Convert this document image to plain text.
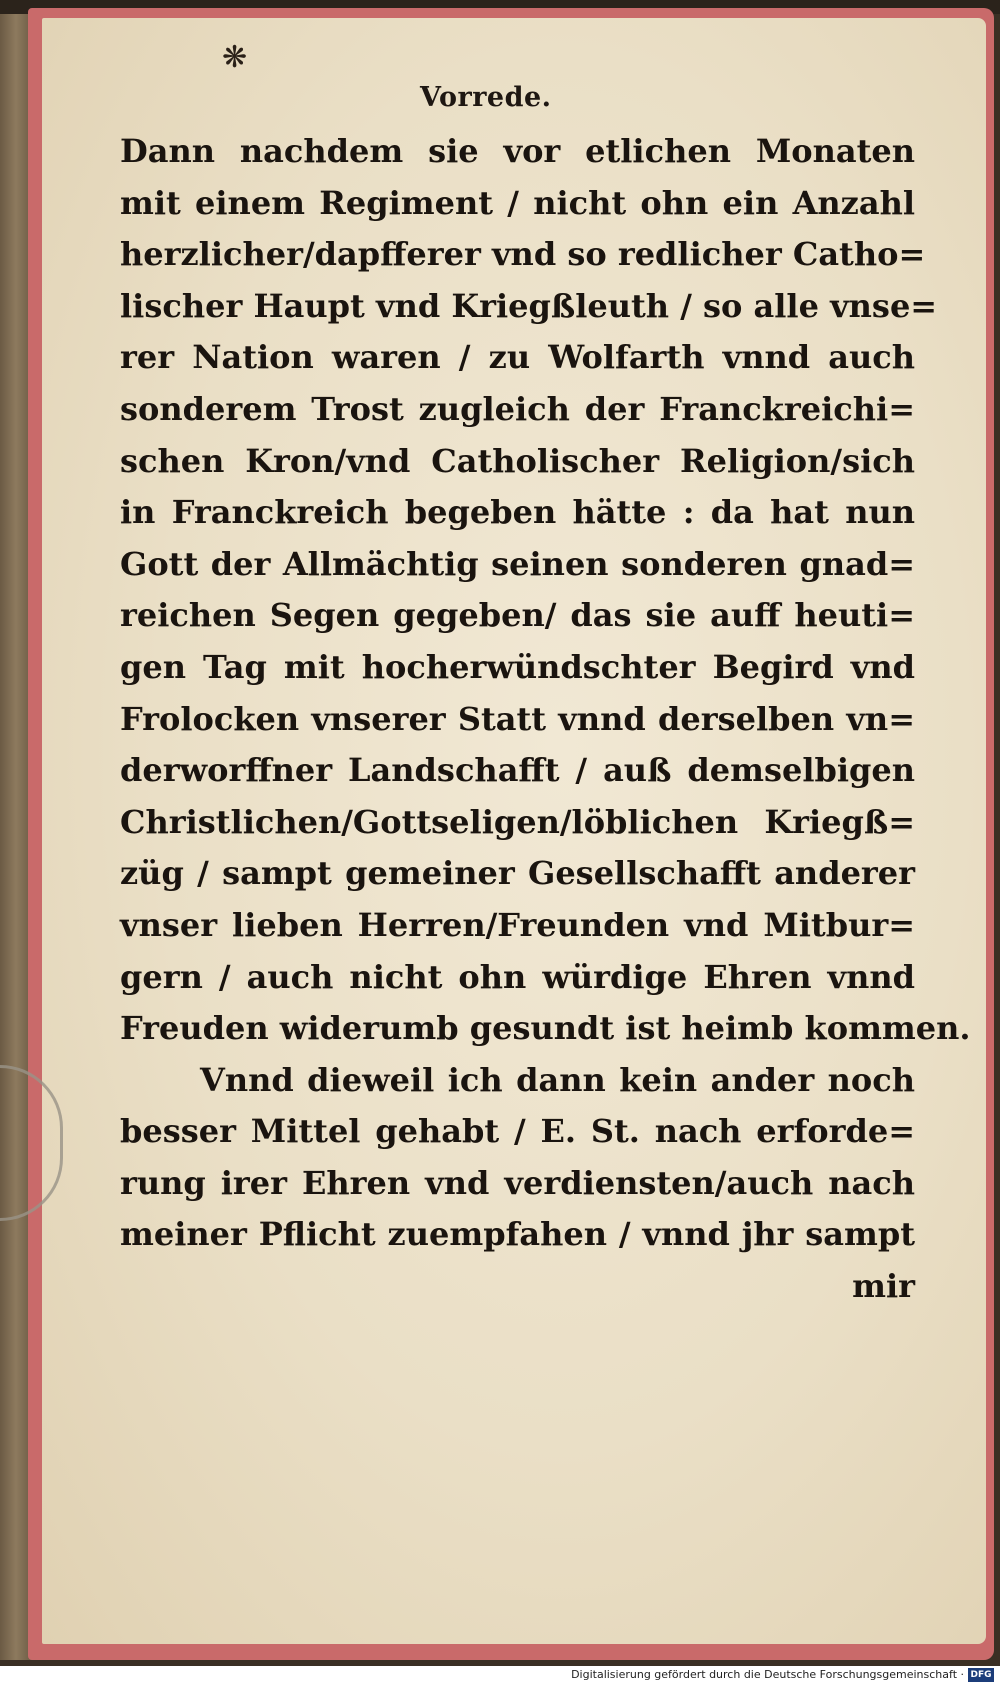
❋
Vorrede.
Dann nachdem sie vor etlichen Monaten
mit einem Regiment / nicht ohn ein Anzahl
herzlicher/dapfferer vnd so redlicher Catho=
lischer Haupt vnd Kriegßleuth / so alle vnse=
rer Nation waren / zu Wolfarth vnnd auch
sonderem Trost zugleich der Franckreichi=
schen Kron/vnd Catholischer Religion/sich
in Franckreich begeben hätte : da hat nun
Gott der Allmächtig seinen sonderen gnad=
reichen Segen gegeben/ das sie auff heuti=
gen Tag mit hocherwündschter Begird vnd
Frolocken vnserer Statt vnnd derselben vn=
derworffner Landschafft / auß demselbigen
Christlichen/Gottseligen/löblichen Kriegß=
züg / sampt gemeiner Gesellschafft anderer
vnser lieben Herren/Freunden vnd Mitbur=
gern / auch nicht ohn würdige Ehren vnnd
Freuden widerumb gesundt ist heimb kommen.
Vnnd dieweil ich dann kein ander noch
besser Mittel gehabt / E. St. nach erforde=
rung irer Ehren vnd verdiensten/auch nach
meiner Pflicht zuempfahen / vnnd jhr sampt
mir
Digitalisierung gefördert durch die Deutsche Forschungsgemeinschaft · DFG
